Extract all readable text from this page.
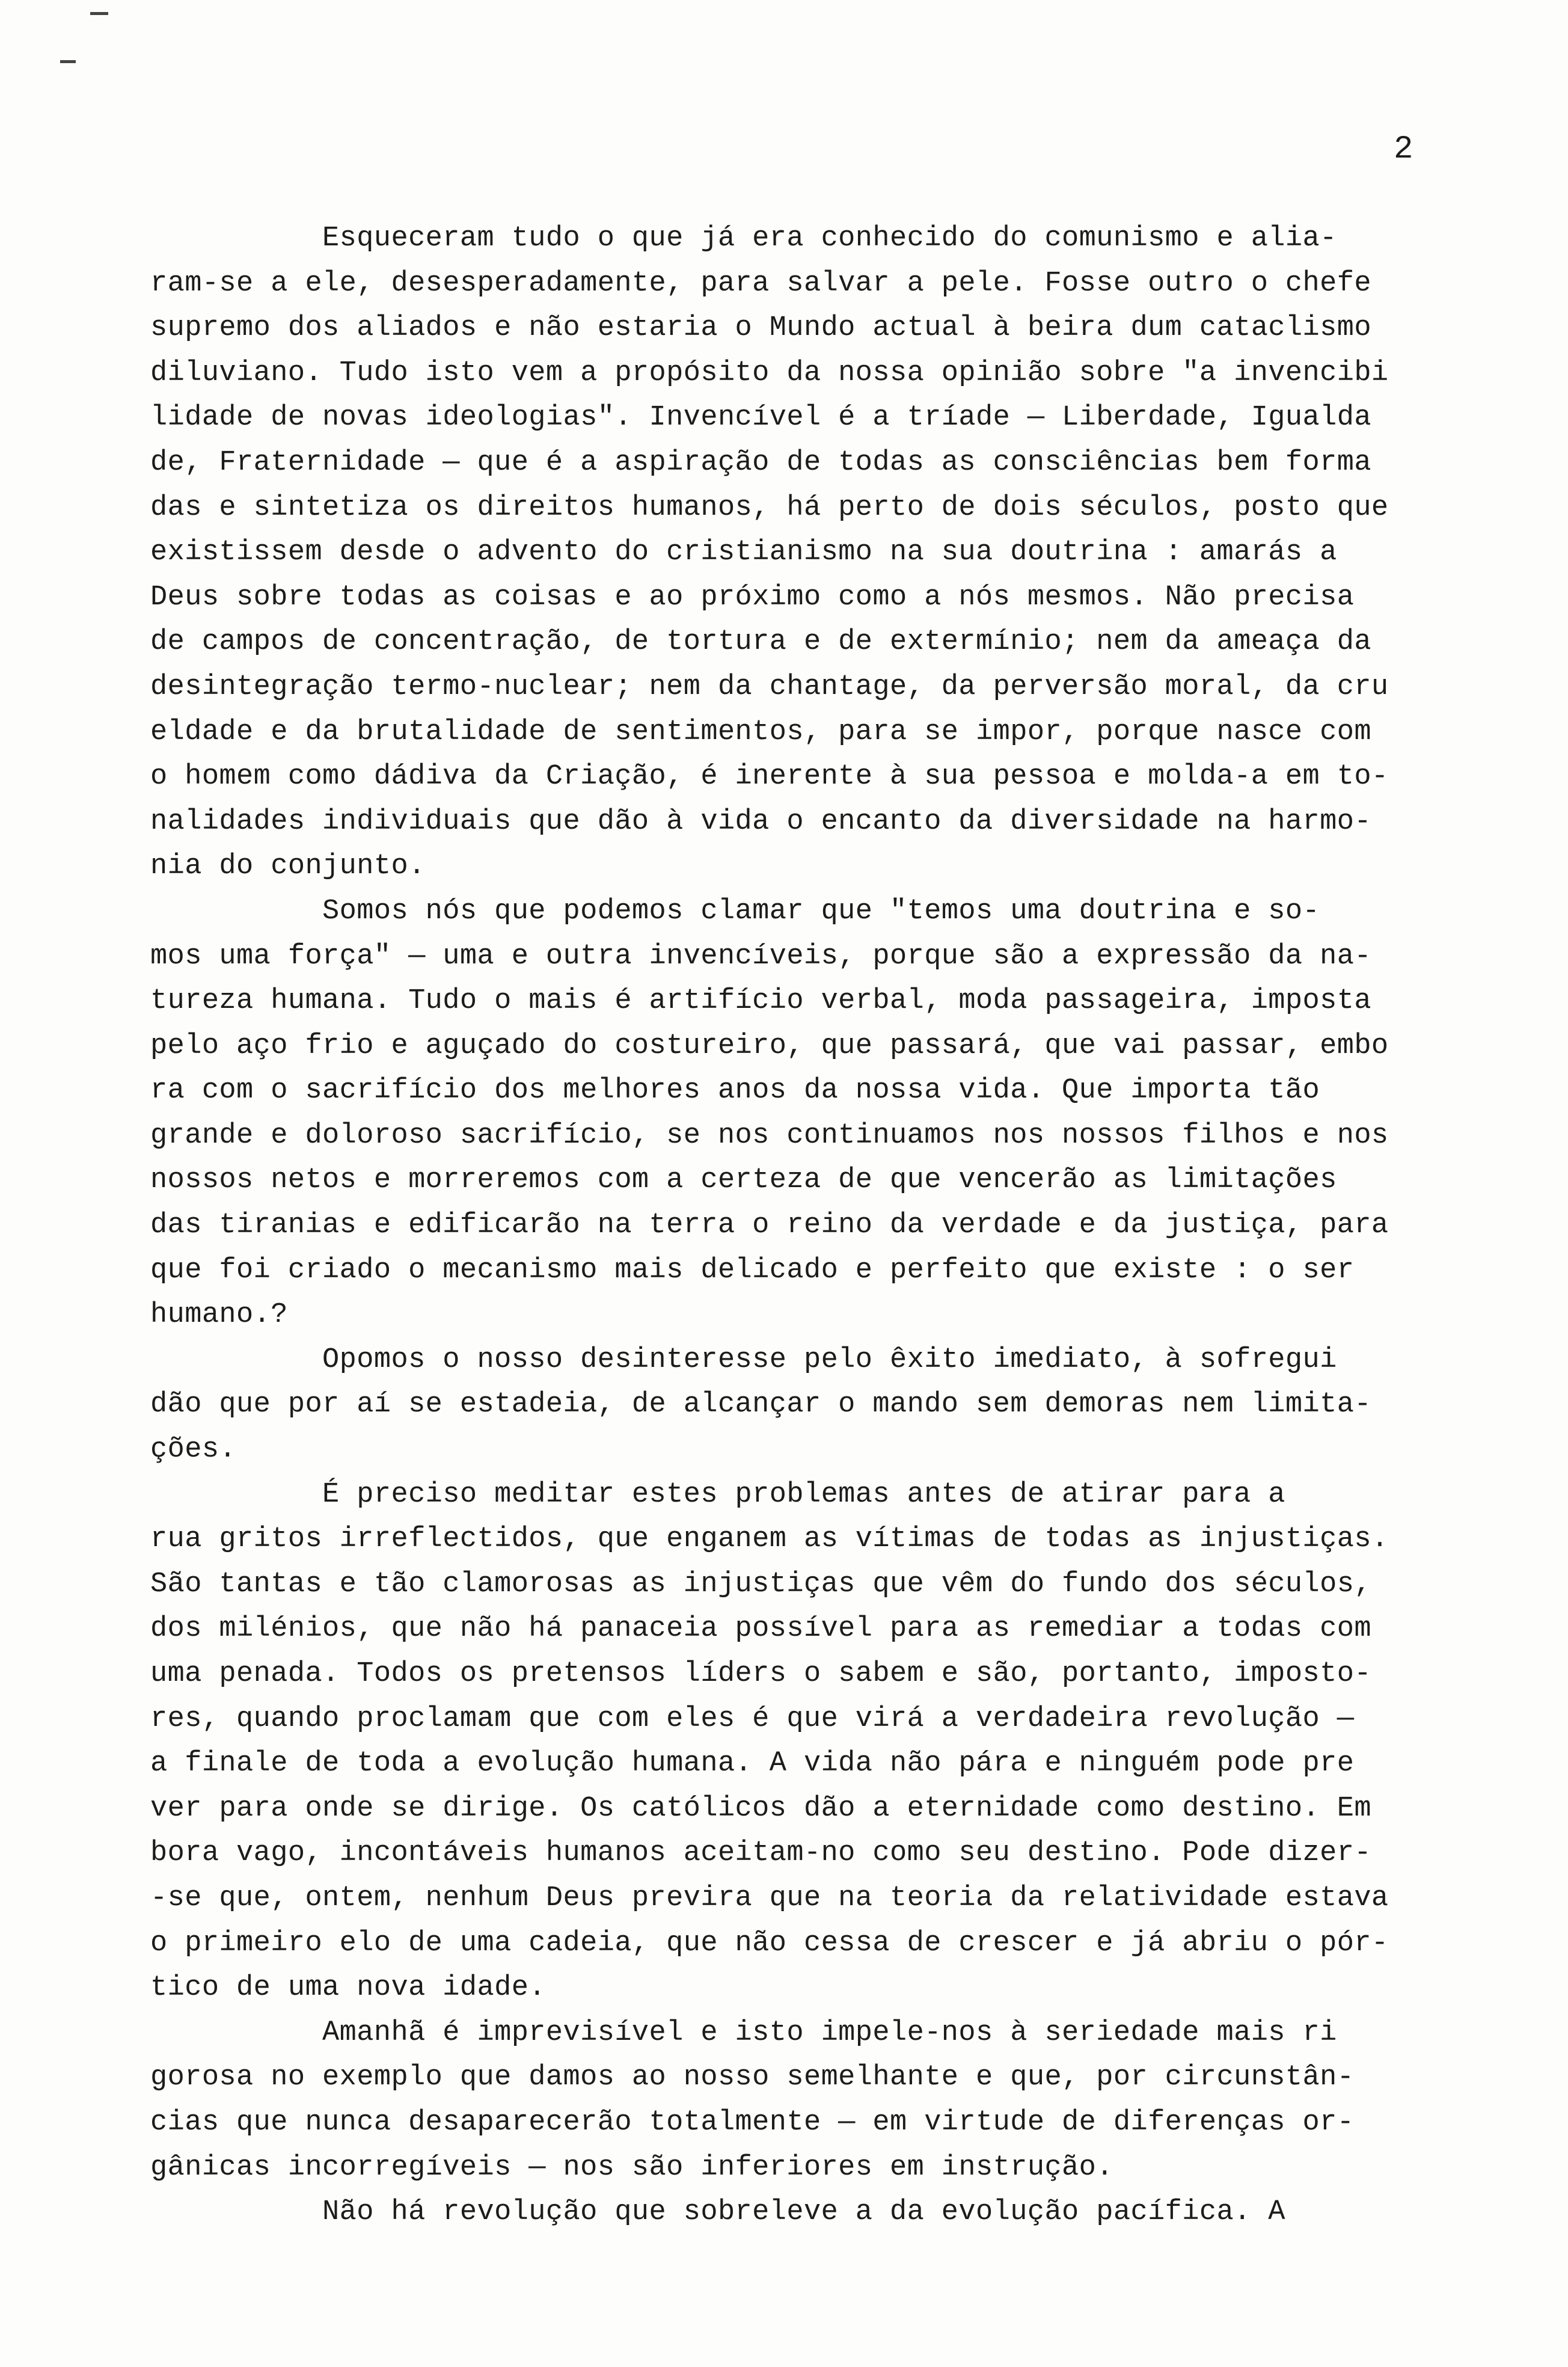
2
Esqueceram tudo o que já era conhecido do comunismo e alia-
ram-se a ele, desesperadamente, para salvar a pele. Fosse outro o chefe
supremo dos aliados e não estaria o Mundo actual à beira dum cataclismo
diluviano. Tudo isto vem a propósito da nossa opinião sobre "a invencibi
lidade de novas ideologias". Invencível é a tríade — Liberdade, Igualda
de, Fraternidade — que é a aspiração de todas as consciências bem forma
das e sintetiza os direitos humanos, há perto de dois séculos, posto que
existissem desde o advento do cristianismo na sua doutrina : amarás a
Deus sobre todas as coisas e ao próximo como a nós mesmos. Não precisa
de campos de concentração, de tortura e de extermínio; nem da ameaça da
desintegração termo-nuclear; nem da chantage, da perversão moral, da cru
eldade e da brutalidade de sentimentos, para se impor, porque nasce com
o homem como dádiva da Criação, é inerente à sua pessoa e molda-a em to-
nalidades individuais que dão à vida o encanto da diversidade na harmo-
nia do conjunto.
Somos nós que podemos clamar que "temos uma doutrina e so-
mos uma força" — uma e outra invencíveis, porque são a expressão da na-
tureza humana. Tudo o mais é artifício verbal, moda passageira, imposta
pelo aço frio e aguçado do costureiro, que passará, que vai passar, embo
ra com o sacrifício dos melhores anos da nossa vida. Que importa tão
grande e doloroso sacrifício, se nos continuamos nos nossos filhos e nos
nossos netos e morreremos com a certeza de que vencerão as limitações
das tiranias e edificarão na terra o reino da verdade e da justiça, para
que foi criado o mecanismo mais delicado e perfeito que existe : o ser
humano.?
Opomos o nosso desinteresse pelo êxito imediato, à sofregui
dão que por aí se estadeia, de alcançar o mando sem demoras nem limita-
ções.
É preciso meditar estes problemas antes de atirar para a
rua gritos irreflectidos, que enganem as vítimas de todas as injustiças.
São tantas e tão clamorosas as injustiças que vêm do fundo dos séculos,
dos milénios, que não há panaceia possível para as remediar a todas com
uma penada. Todos os pretensos líders o sabem e são, portanto, imposto-
res, quando proclamam que com eles é que virá a verdadeira revolução —
a finale de toda a evolução humana. A vida não pára e ninguém pode pre
ver para onde se dirige. Os católicos dão a eternidade como destino. Em
bora vago, incontáveis humanos aceitam-no como seu destino. Pode dizer-
-se que, ontem, nenhum Deus previra que na teoria da relatividade estava
o primeiro elo de uma cadeia, que não cessa de crescer e já abriu o pór-
tico de uma nova idade.
Amanhã é imprevisível e isto impele-nos à seriedade mais ri
gorosa no exemplo que damos ao nosso semelhante e que, por circunstân-
cias que nunca desaparecerão totalmente — em virtude de diferenças or-
gânicas incorregíveis — nos são inferiores em instrução.
Não há revolução que sobreleve a da evolução pacífica. A
